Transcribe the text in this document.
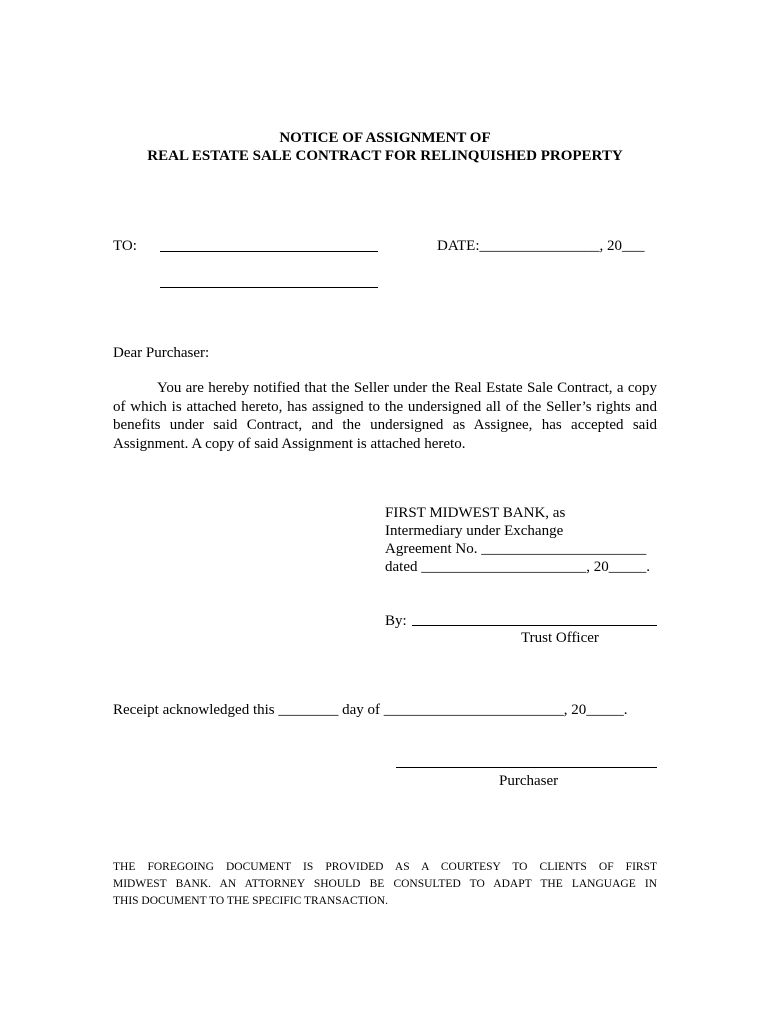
NOTICE OF ASSIGNMENT OF
REAL ESTATE SALE CONTRACT FOR RELINQUISHED PROPERTY
TO:	DATE:________________, 20___
Dear Purchaser:
You are hereby notified that the Seller under the Real Estate Sale Contract, a copy
of which is attached hereto, has assigned to the undersigned all of the Seller’s rights and
benefits under said Contract, and the undersigned as Assignee, has accepted said
Assignment. A copy of said Assignment is attached hereto.
FIRST MIDWEST BANK, as
Intermediary under Exchange
Agreement No. ______________________
dated ______________________, 20_____.
By:
Trust Officer
Receipt acknowledged this ________ day of ________________________, 20_____.
Purchaser
THE FOREGOING DOCUMENT IS PROVIDED AS A COURTESY TO CLIENTS OF FIRST
MIDWEST BANK. AN ATTORNEY SHOULD BE CONSULTED TO ADAPT THE LANGUAGE IN
THIS DOCUMENT TO THE SPECIFIC TRANSACTION.
